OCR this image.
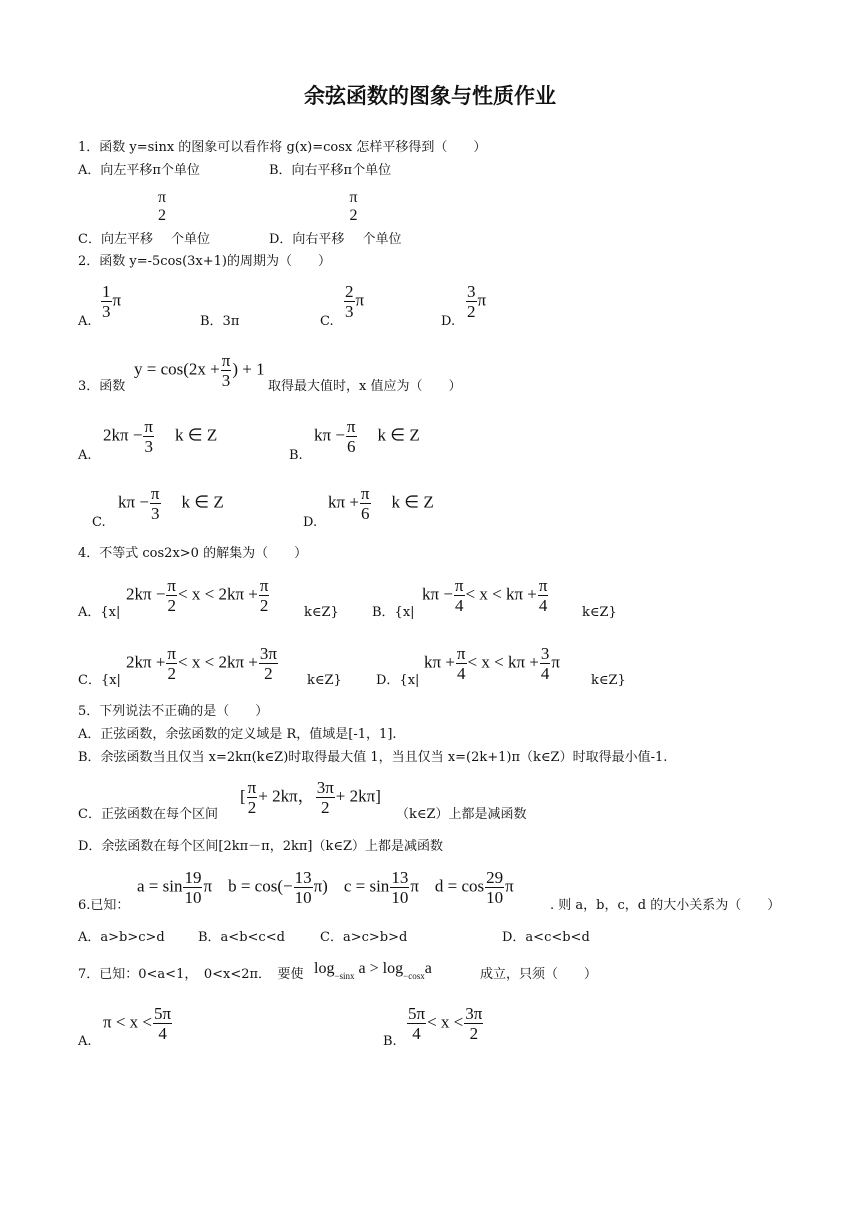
余弦函数的图象与性质作业
1．函数 y=sinx 的图象可以看作将 g(x)=cosx 怎样平移得到（　　）
A．向左平移π个单位	B．向右平移π个单位
C．向左平移
π
2
个单位	D．向右平移
π
2
个单位
2．函数 y=-5cos(3x+1)的周期为（　　）
A.
$\frac{1}{3}$ π
B．3π	C.
$\frac{2}{3}$ π
D.
$\frac{3}{2}$ π
3．函数
$y = \cos(2x + \frac{\pi}{3}$ ) + 1
取得最大值时，x 值应为（　　）
A.
$2k\pi - \frac{\pi}{3}$ k ∈ Z
B.
$k\pi - \frac{\pi}{6}$ k ∈ Z
C.
$k\pi - \frac{\pi}{3}$ k ∈ Z
D.
$k\pi + \frac{\pi}{6}$ k ∈ Z
4．不等式 cos2x>0 的解集为（　　）
A．{x|
$2k\pi - \frac{\pi}{2} < x < 2k\pi + \frac{\pi}{2}$	k∈Z}	B．{x|
$k\pi - \frac{\pi}{4} < x < k\pi + \frac{\pi}{4}$	k∈Z}
C．{x|
$2k\pi + \frac{\pi}{2} < x < 2k\pi + \frac{3\pi}{2}$ k∈Z}	D．{x|
$k\pi + \frac{\pi}{4} < x < k\pi + \frac{3}{4}$ π
k∈Z}
5．下列说法不正确的是（　　）
A．正弦函数，余弦函数的定义域是 R，值域是[-1，1].
B．余弦函数当且仅当 x=2kπ(k∈Z)时取得最大值 1，当且仅当 x=(2k+1)π（k∈Z）时取得最小值-1.
C．正弦函数在每个区间
[ $\frac{\pi}{2} + 2k\pi$， $\frac{3\pi}{2} + 2k\pi$]
（k∈Z）上都是减函数
D．余弦函数在每个区间[2kπ－π，2kπ]（k∈Z）上都是减函数
6.已知：
$a = \sin \frac{19}{10}$ π $b = \cos(- \frac{13}{10} \pi)$ $c = \sin \frac{13}{10}$ π $d = \cos \frac{29}{10}$ π
. 则 a，b，c，d 的大小关系为（　　）
A．a>b>c>d	B．a<b<c<d	C．a>c>b>d	D．a<c<b<d
7．已知：0<a<1，　0<x<2π．　要使 $\log_{-sinx} a > \log_{-cosx}a$	成立，只须（　　）
A.
$\pi < x < \frac{5\pi}{4}$	B. $\frac{5\pi}{4} < x < \frac{3\pi}{2}$
